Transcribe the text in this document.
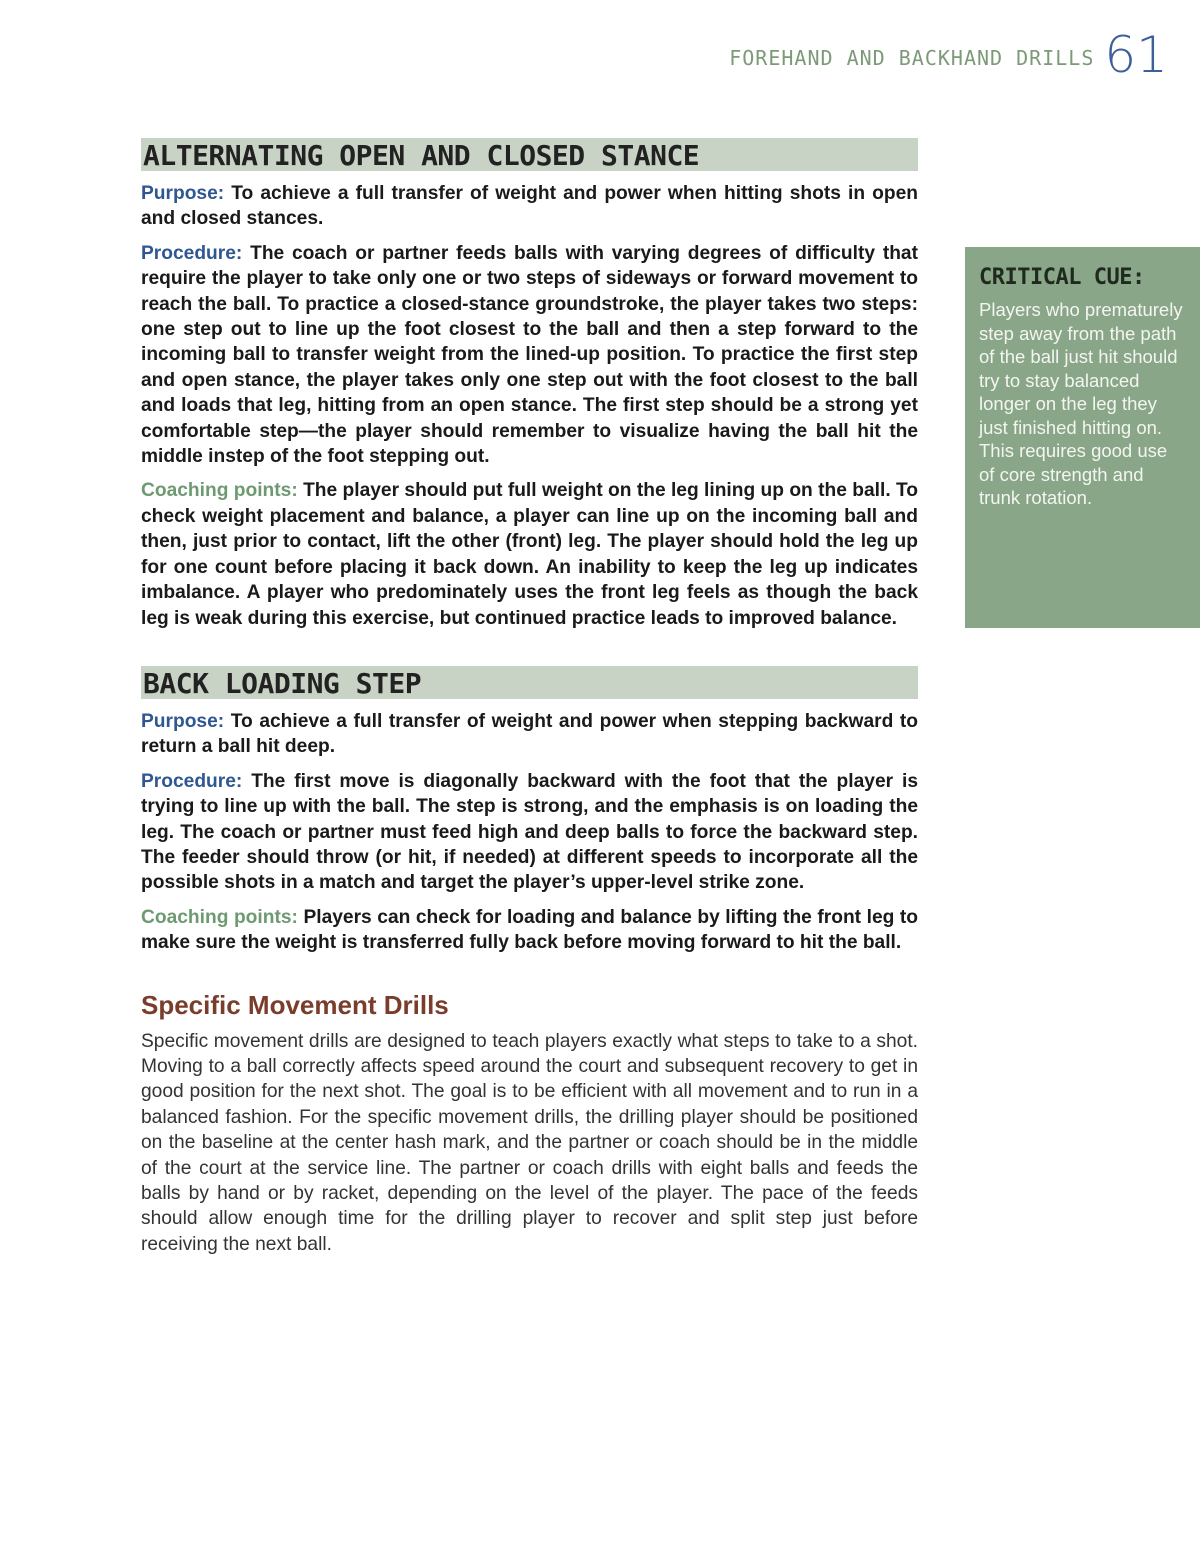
FOREHAND AND BACKHAND DRILLS 61
ALTERNATING OPEN AND CLOSED STANCE

Purpose: To achieve a full transfer of weight and power when hitting shots in open and closed stances.

Procedure: The coach or partner feeds balls with varying degrees of difficulty that require the player to take only one or two steps of sideways or forward movement to reach the ball. To practice a closed-stance groundstroke, the player takes two steps: one step out to line up the foot closest to the ball and then a step forward to the incoming ball to transfer weight from the lined-up position. To practice the first step and open stance, the player takes only one step out with the foot closest to the ball and loads that leg, hitting from an open stance. The first step should be a strong yet comfortable step—the player should remember to visualize having the ball hit the middle instep of the foot stepping out.

Coaching points: The player should put full weight on the leg lining up on the ball. To check weight placement and balance, a player can line up on the incoming ball and then, just prior to contact, lift the other (front) leg. The player should hold the leg up for one count before placing it back down. An inability to keep the leg up indicates imbalance. A player who predominately uses the front leg feels as though the back leg is weak during this exercise, but continued practice leads to improved balance.

BACK LOADING STEP

Purpose: To achieve a full transfer of weight and power when stepping backward to return a ball hit deep.

Procedure: The first move is diagonally backward with the foot that the player is trying to line up with the ball. The step is strong, and the emphasis is on loading the leg. The coach or partner must feed high and deep balls to force the backward step. The feeder should throw (or hit, if needed) at different speeds to incorporate all the possible shots in a match and target the player’s upper-level strike zone.

Coaching points: Players can check for loading and balance by lifting the front leg to make sure the weight is transferred fully back before moving forward to hit the ball.

Specific Movement Drills

Specific movement drills are designed to teach players exactly what steps to take to a shot. Moving to a ball correctly affects speed around the court and subsequent recovery to get in good position for the next shot. The goal is to be efficient with all movement and to run in a balanced fashion. For the specific movement drills, the drilling player should be positioned on the baseline at the center hash mark, and the partner or coach should be in the middle of the court at the service line. The partner or coach drills with eight balls and feeds the balls by hand or by racket, depending on the level of the player. The pace of the feeds should allow enough time for the drilling player to recover and split step just before receiving the next ball.

CRITICAL CUE:

Players who prematurely step away from the path of the ball just hit should try to stay balanced longer on the leg they just finished hitting on. This requires good use of core strength and trunk rotation.
